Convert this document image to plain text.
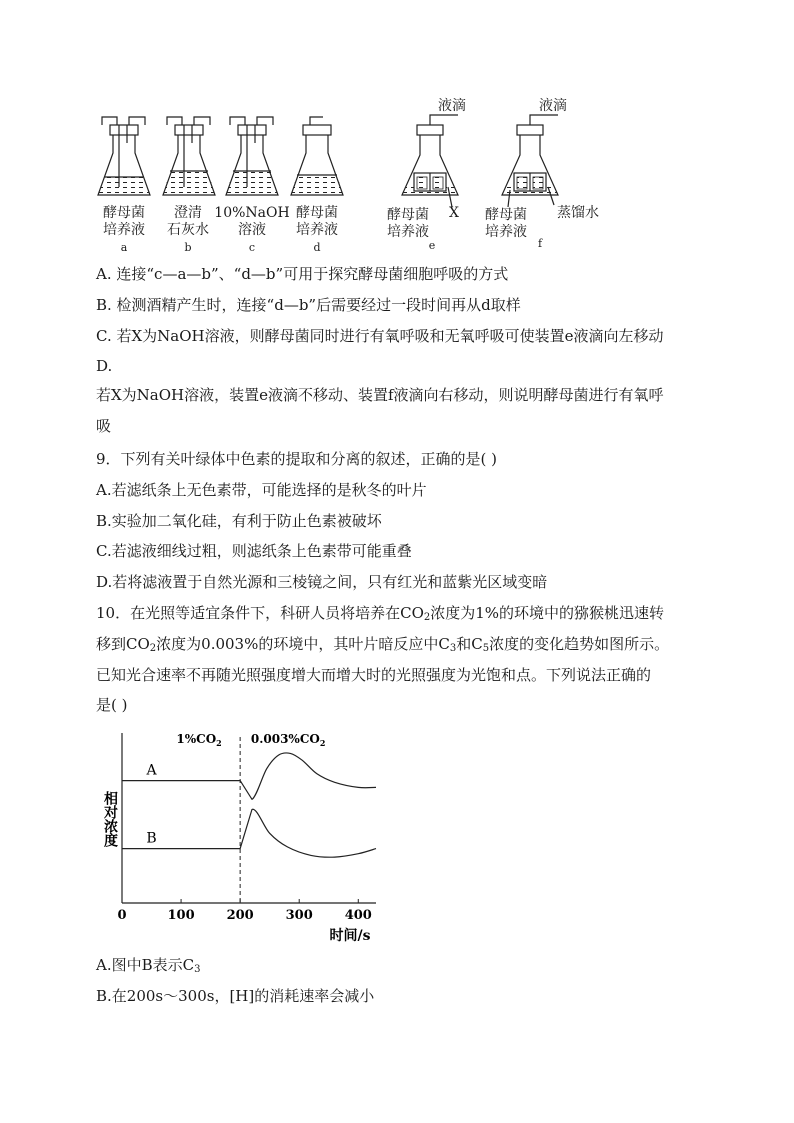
酵母菌
培养液
a
澄清
石灰水
b
10%NaOH
溶液
c
酵母菌
培养液
d
液滴
X
酵母菌
培养液
e
液滴
蒸馏水
酵母菌
培养液
f
A. 连接“c—a—b”、“d—b”可用于探究酵母菌细胞呼吸的方式
B. 检测酒精产生时，连接“d—b”后需要经过一段时间再从d取样
C. 若X为NaOH溶液，则酵母菌同时进行有氧呼吸和无氧呼吸可使装置e液滴向左移动
D.
若X为NaOH溶液，装置e液滴不移动、装置f液滴向右移动，则说明酵母菌进行有氧呼
吸
9．下列有关叶绿体中色素的提取和分离的叙述，正确的是( )
A.若滤纸条上无色素带，可能选择的是秋冬的叶片
B.实验加二氧化硅，有利于防止色素被破坏
C.若滤液细线过粗，则滤纸条上色素带可能重叠
D.若将滤液置于自然光源和三棱镜之间，只有红光和蓝紫光区域变暗
10．在光照等适宜条件下，科研人员将培养在$CO_2$浓度为1%的环境中的猕猴桃迅速转
移到$CO_2$浓度为0.003%的环境中，其叶片暗反应中$C_3$和$C_5$浓度的变化趋势如图所示。
已知光合速率不再随光照强度增大而增大时的光照强度为光饱和点。下列说法正确的
是( )
0	100 200 300 400
A
B
$1\%CO_2$ $0.003\%CO_2$
相对浓度
时间/s
A.图中B表示$C_3$
B.在200s～300s，[H]的消耗速率会减小
